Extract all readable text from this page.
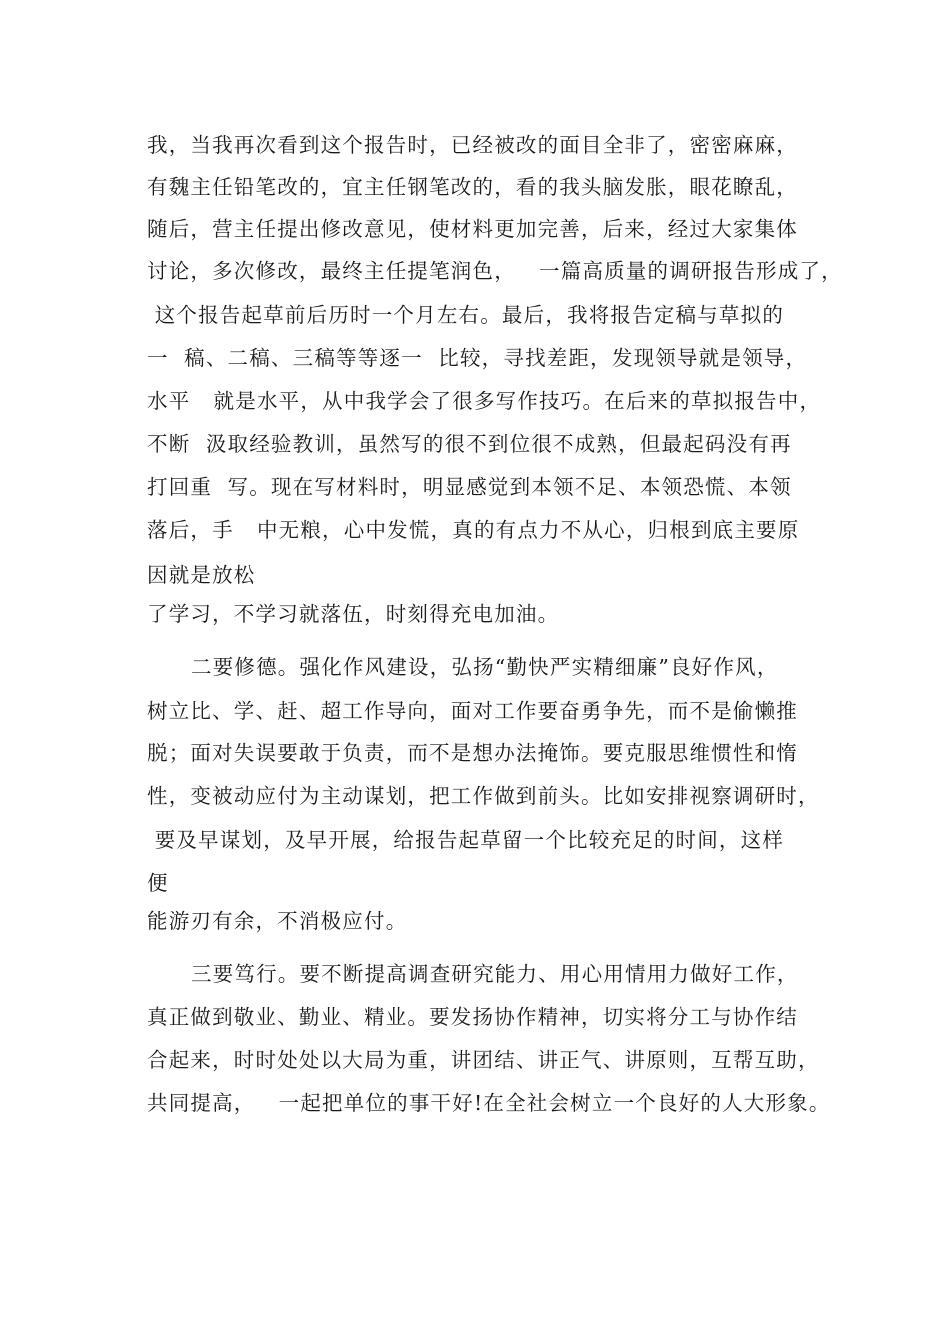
我，当我再次看到这个报告时，已经被改的面目全非了，密密麻麻，
有魏主任铅笔改的，宜主任钢笔改的，看的我头脑发胀，眼花瞭乱，
随后，营主任提出修改意见，使材料更加完善，后来，经过大家集体
讨论，多次修改，最终主任提笔润色，   一篇高质量的调研报告形成了，
这个报告起草前后历时一个月左右。最后，我将报告定稿与草拟的
一  稿、二稿、三稿等等逐一  比较，寻找差距，发现领导就是领导，
水平   就是水平，从中我学会了很多写作技巧。在后来的草拟报告中，
不断  汲取经验教训，虽然写的很不到位很不成熟，但最起码没有再
打回重  写。现在写材料时，明显感觉到本领不足、本领恐慌、本领
落后，手   中无粮，心中发慌，真的有点力不从心，归根到底主要原
因就是放松
了学习，不学习就落伍，时刻得充电加油。
二要修德。强化作风建设，弘扬“勤快严实精细廉”良好作风，
树立比、学、赶、超工作导向，面对工作要奋勇争先，而不是偷懒推
脱；面对失误要敢于负责，而不是想办法掩饰。要克服思维惯性和惰
性，变被动应付为主动谋划，把工作做到前头。比如安排视察调研时，
要及早谋划，及早开展，给报告起草留一个比较充足的时间，这样
便
能游刃有余，不消极应付。
三要笃行。要不断提高调查研究能力、用心用情用力做好工作，
真正做到敬业、勤业、精业。要发扬协作精神，切实将分工与协作结
合起来，时时处处以大局为重，讲团结、讲正气、讲原则，互帮互助，
共同提高，   一起把单位的事干好!在全社会树立一个良好的人大形象。
